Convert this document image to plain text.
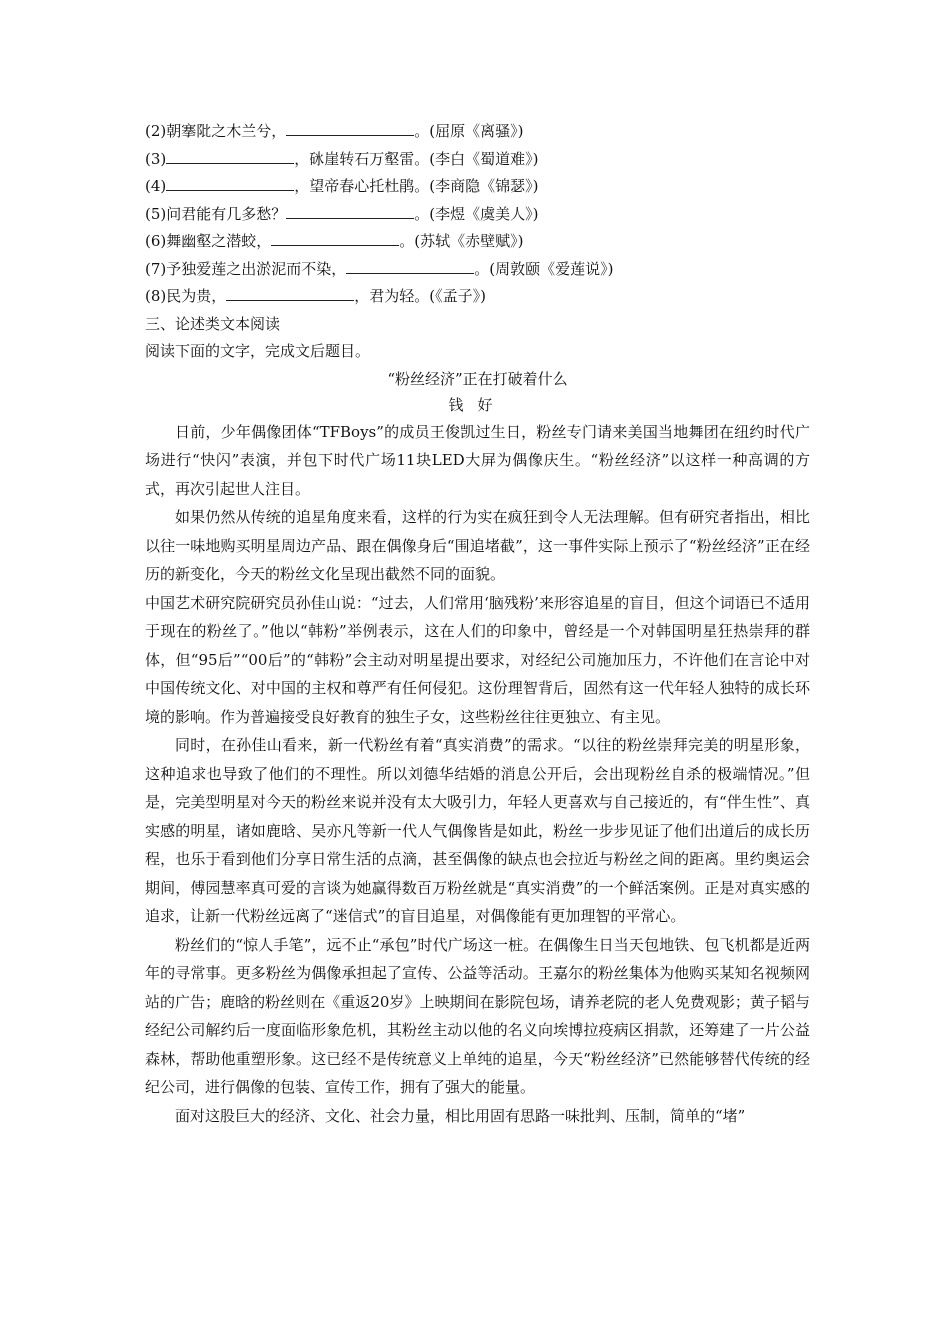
(2)朝搴阰之木兰兮，	。(屈原《离骚》)
(3)	，砯崖转石万壑雷。(李白《蜀道难》)
(4)	，望帝春心托杜鹃。(李商隐《锦瑟》)
(5)问君能有几多愁？	。(李煜《虞美人》)
(6)舞幽壑之潜蛟，	。(苏轼《赤壁赋》)
(7)予独爱莲之出淤泥而不染，	。(周敦颐《爱莲说》)
(8)民为贵，	，君为轻。(《孟子》)
三、论述类文本阅读
阅读下面的文字，完成文后题目。
“粉丝经济”正在打破着什么
钱好

日前，少年偶像团体“TFBoys”的成员王俊凯过生日，粉丝专门请来美国当地舞团在纽约时代广场进行“快闪”表演，并包下时代广场11块LED大屏为偶像庆生。“粉丝经济”以这样一种高调的方式，再次引起世人注目。

如果仍然从传统的追星角度来看，这样的行为实在疯狂到令人无法理解。但有研究者指出，相比以往一味地购买明星周边产品、跟在偶像身后“围追堵截”，这一事件实际上预示了“粉丝经济”正在经历的新变化，今天的粉丝文化呈现出截然不同的面貌。

中国艺术研究院研究员孙佳山说：“过去，人们常用‘脑残粉’来形容追星的盲目，但这个词语已不适用于现在的粉丝了。”他以“韩粉”举例表示，这在人们的印象中，曾经是一个对韩国明星狂热崇拜的群体，但“95后”“00后”的“韩粉”会主动对明星提出要求，对经纪公司施加压力，不许他们在言论中对中国传统文化、对中国的主权和尊严有任何侵犯。这份理智背后，固然有这一代年轻人独特的成长环境的影响。作为普遍接受良好教育的独生子女，这些粉丝往往更独立、有主见。

同时，在孙佳山看来，新一代粉丝有着“真实消费”的需求。“以往的粉丝崇拜完美的明星形象，这种追求也导致了他们的不理性。所以刘德华结婚的消息公开后，会出现粉丝自杀的极端情况。”但是，完美型明星对今天的粉丝来说并没有太大吸引力，年轻人更喜欢与自己接近的，有“伴生性”、真实感的明星，诸如鹿晗、吴亦凡等新一代人气偶像皆是如此，粉丝一步步见证了他们出道后的成长历程，也乐于看到他们分享日常生活的点滴，甚至偶像的缺点也会拉近与粉丝之间的距离。里约奥运会期间，傅园慧率真可爱的言谈为她赢得数百万粉丝就是“真实消费”的一个鲜活案例。正是对真实感的追求，让新一代粉丝远离了“迷信式”的盲目追星，对偶像能有更加理智的平常心。

粉丝们的“惊人手笔”，远不止“承包”时代广场这一桩。在偶像生日当天包地铁、包飞机都是近两年的寻常事。更多粉丝为偶像承担起了宣传、公益等活动。王嘉尔的粉丝集体为他购买某知名视频网站的广告；鹿晗的粉丝则在《重返20岁》上映期间在影院包场，请养老院的老人免费观影；黄子韬与经纪公司解约后一度面临形象危机，其粉丝主动以他的名义向埃博拉疫病区捐款，还筹建了一片公益森林，帮助他重塑形象。这已经不是传统意义上单纯的追星，今天“粉丝经济”已然能够替代传统的经纪公司，进行偶像的包装、宣传工作，拥有了强大的能量。

面对这股巨大的经济、文化、社会力量，相比用固有思路一味批判、压制，简单的“堵”
